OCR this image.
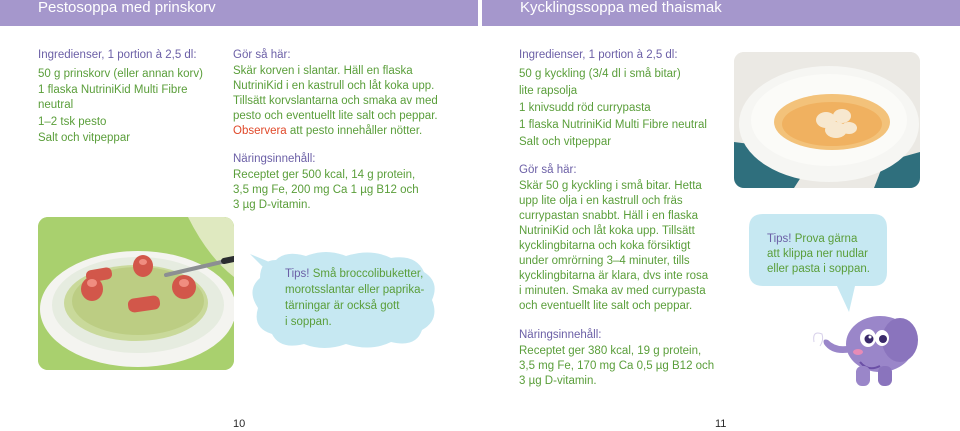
Pestosoppa med prinskorv	Kycklingssoppa med thaismak
Ingredienser, 1 portion à 2,5 dl:
50 g prinskorv (eller annan korv)
1 flaska NutriniKid Multi Fibre
neutral
1–2 tsk pesto
Salt och vitpeppar
Gör så här:
Skär korven i slantar. Häll en flaska
NutriniKid i en kastrull och låt koka upp.
Tillsätt korvslantarna och smaka av med
pesto och eventuellt lite salt och peppar.
Observera att pesto innehåller nötter.
Näringsinnehåll:
Receptet ger 500 kcal, 14 g protein,
3,5 mg Fe, 200 mg Ca 1 µg B12 och
3 µg D-vitamin.
Tips! Små broccolibuketter,
morotsslantar eller paprika-
tärningar är också gott
i soppan.
10
Ingredienser, 1 portion à 2,5 dl:
50 g kyckling (3/4 dl i små bitar)
lite rapsolja
1 knivsudd röd currypasta
1 flaska NutriniKid Multi Fibre neutral
Salt och vitpeppar
Gör så här:
Skär 50 g kyckling i små bitar. Hetta
upp lite olja i en kastrull och fräs
currypastan snabbt. Häll i en flaska
NutriniKid och låt koka upp. Tillsätt
kycklingbitarna och koka försiktigt
under omrörning 3–4 minuter, tills
kycklingbitarna är klara, dvs inte rosa
i minuten. Smaka av med currypasta
och eventuellt lite salt och peppar.
Näringsinnehåll:
Receptet ger 380 kcal, 19 g protein,
3,5 mg Fe, 170 mg Ca 0,5 µg B12 och
3 µg D-vitamin.
Tips! Prova gärna
att klippa ner nudlar
eller pasta i soppan.
11
